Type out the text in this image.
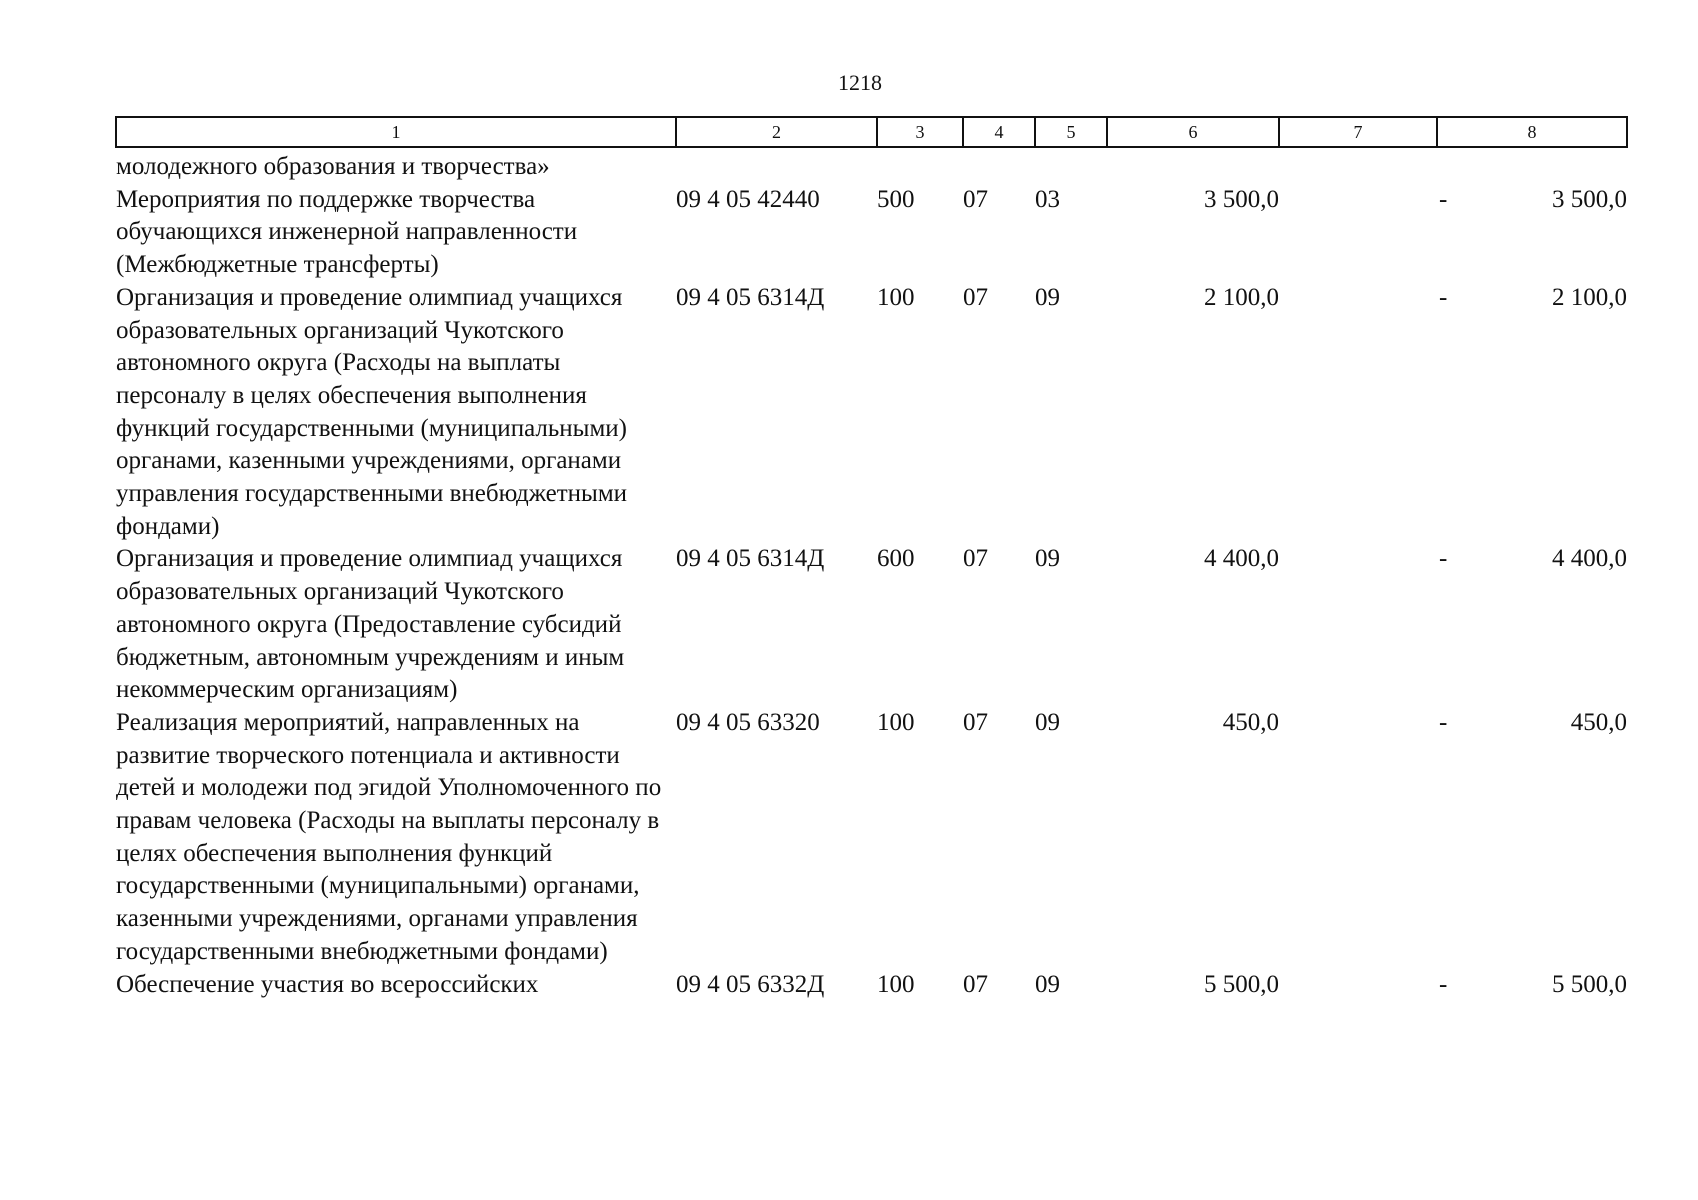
1218
1	2	3	4	5	6	7	8
молодежного образования и творчества»							
Мероприятия по поддержке творчества обучающихся инженерной направленности (Межбюджетные трансферты)	09 4 05 42440	500	07	03	3 500,0	-	3 500,0
Организация и проведение олимпиад учащихся образовательных организаций Чукотского автономного округа (Расходы на выплаты персоналу в целях обеспечения выполнения функций государственными (муниципальными) органами, казенными учреждениями, органами управления государственными внебюджетными фондами)	09 4 05 6314Д	100	07	09	2 100,0	-	2 100,0
Организация и проведение олимпиад учащихся образовательных организаций Чукотского автономного округа (Предоставление субсидий бюджетным, автономным учреждениям и иным некоммерческим организациям)	09 4 05 6314Д	600	07	09	4 400,0	-	4 400,0
Реализация мероприятий, направленных на развитие творческого потенциала и активности детей и молодежи под эгидой Уполномоченного по правам человека (Расходы на выплаты персоналу в целях обеспечения выполнения функций государственными (муниципальными) органами, казенными учреждениями, органами управления государственными внебюджетными фондами)	09 4 05 63320	100	07	09	450,0	-	450,0
Обеспечение участия во всероссийских	09 4 05 6332Д	100	07	09	5 500,0	-	5 500,0
